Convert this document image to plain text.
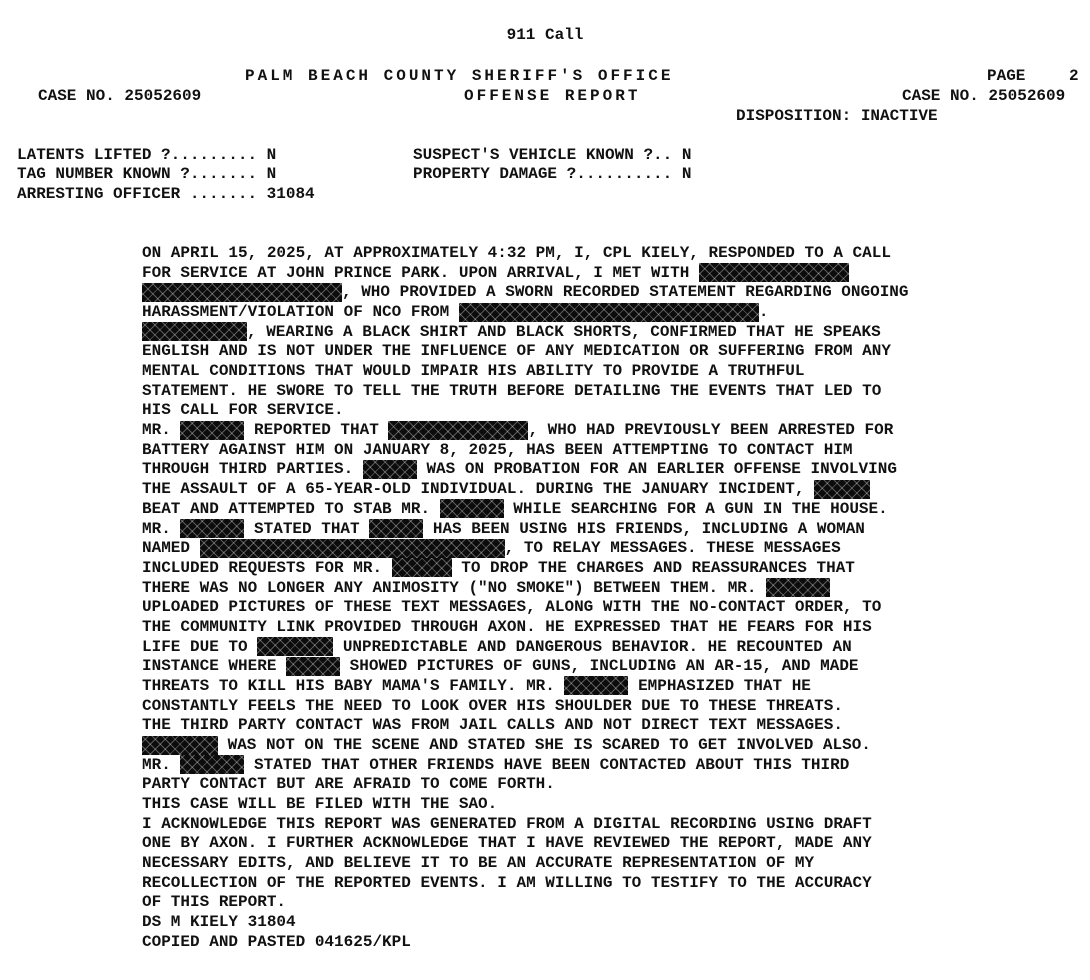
911 Call
PALM BEACH COUNTY SHERIFF'S OFFICE	PAGE	2
CASE NO. 25052609	OFFENSE REPORT	CASE NO. 25052609
DISPOSITION: INACTIVE
LATENTS LIFTED ?......... N	SUSPECT'S VEHICLE KNOWN ?.. N
TAG NUMBER KNOWN ?....... N	PROPERTY DAMAGE ?.......... N
ARRESTING OFFICER ....... 31084
ON APRIL 15, 2025, AT APPROXIMATELY 4:32 PM, I, CPL KIELY, RESPONDED TO A CALL
FOR SERVICE AT JOHN PRINCE PARK. UPON ARRIVAL, I MET WITH
, WHO PROVIDED A SWORN RECORDED STATEMENT REGARDING ONGOING
HARASSMENT/VIOLATION OF NCO FROM	.
, WEARING A BLACK SHIRT AND BLACK SHORTS, CONFIRMED THAT HE SPEAKS
ENGLISH AND IS NOT UNDER THE INFLUENCE OF ANY MEDICATION OR SUFFERING FROM ANY
MENTAL CONDITIONS THAT WOULD IMPAIR HIS ABILITY TO PROVIDE A TRUTHFUL
STATEMENT. HE SWORE TO TELL THE TRUTH BEFORE DETAILING THE EVENTS THAT LED TO
HIS CALL FOR SERVICE.
MR.	REPORTED THAT	, WHO HAD PREVIOUSLY BEEN ARRESTED FOR
BATTERY AGAINST HIM ON JANUARY 8, 2025, HAS BEEN ATTEMPTING TO CONTACT HIM
THROUGH THIRD PARTIES.	WAS ON PROBATION FOR AN EARLIER OFFENSE INVOLVING
THE ASSAULT OF A 65-YEAR-OLD INDIVIDUAL. DURING THE JANUARY INCIDENT,
BEAT AND ATTEMPTED TO STAB MR.	WHILE SEARCHING FOR A GUN IN THE HOUSE.
MR.	STATED THAT	HAS BEEN USING HIS FRIENDS, INCLUDING A WOMAN
NAMED	, TO RELAY MESSAGES. THESE MESSAGES
INCLUDED REQUESTS FOR MR.	TO DROP THE CHARGES AND REASSURANCES THAT
THERE WAS NO LONGER ANY ANIMOSITY ("NO SMOKE") BETWEEN THEM. MR.
UPLOADED PICTURES OF THESE TEXT MESSAGES, ALONG WITH THE NO-CONTACT ORDER, TO
THE COMMUNITY LINK PROVIDED THROUGH AXON. HE EXPRESSED THAT HE FEARS FOR HIS
LIFE DUE TO	UNPREDICTABLE AND DANGEROUS BEHAVIOR. HE RECOUNTED AN
INSTANCE WHERE	SHOWED PICTURES OF GUNS, INCLUDING AN AR-15, AND MADE
THREATS TO KILL HIS BABY MAMA'S FAMILY. MR.	EMPHASIZED THAT HE
CONSTANTLY FEELS THE NEED TO LOOK OVER HIS SHOULDER DUE TO THESE THREATS.
THE THIRD PARTY CONTACT WAS FROM JAIL CALLS AND NOT DIRECT TEXT MESSAGES.
WAS NOT ON THE SCENE AND STATED SHE IS SCARED TO GET INVOLVED ALSO.
MR.	STATED THAT OTHER FRIENDS HAVE BEEN CONTACTED ABOUT THIS THIRD
PARTY CONTACT BUT ARE AFRAID TO COME FORTH.
THIS CASE WILL BE FILED WITH THE SAO.
I ACKNOWLEDGE THIS REPORT WAS GENERATED FROM A DIGITAL RECORDING USING DRAFT
ONE BY AXON. I FURTHER ACKNOWLEDGE THAT I HAVE REVIEWED THE REPORT, MADE ANY
NECESSARY EDITS, AND BELIEVE IT TO BE AN ACCURATE REPRESENTATION OF MY
RECOLLECTION OF THE REPORTED EVENTS. I AM WILLING TO TESTIFY TO THE ACCURACY
OF THIS REPORT.
DS M KIELY 31804
COPIED AND PASTED 041625/KPL
